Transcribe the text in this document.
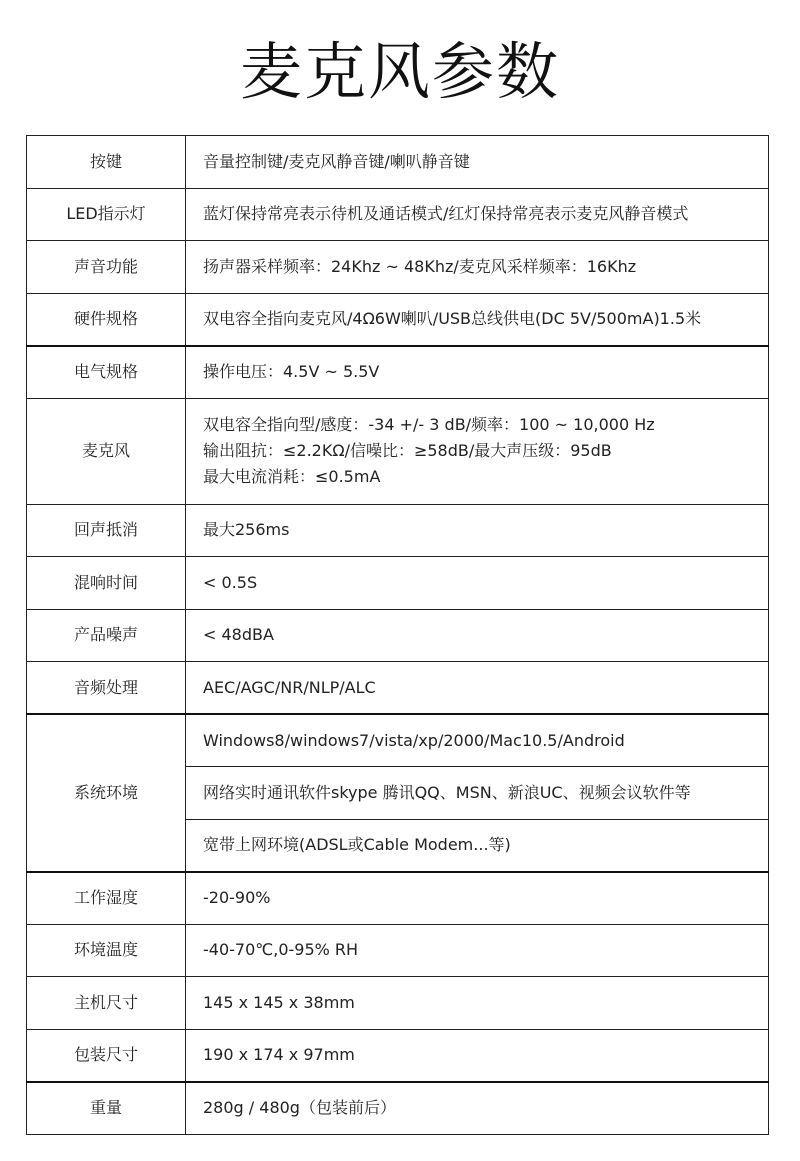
麦克风参数
按键	音量控制键/麦克风静音键/喇叭静音键
LED指示灯	蓝灯保持常亮表示待机及通话模式/红灯保持常亮表示麦克风静音模式
声音功能	扬声器采样频率：24Khz ~ 48Khz/麦克风采样频率：16Khz
硬件规格	双电容全指向麦克风/4Ω6W喇叭/USB总线供电(DC 5V/500mA)1.5米
电气规格	操作电压：4.5V ~ 5.5V
麦克风	双电容全指向型/感度：-34 +/- 3 dB/频率：100 ~ 10,000 Hz
输出阻抗：≤2.2KΩ/信噪比：≥58dB/最大声压级：95dB
最大电流消耗：≤0.5mA

回声抵消	最大256ms
混响时间	< 0.5S
产品噪声	< 48dBA
音频处理	AEC/AGC/NR/NLP/ALC
系统环境	Windows8/windows7/vista/xp/2000/Mac10.5/Android
	网络实时通讯软件skype 腾讯QQ、MSN、新浪UC、视频会议软件等
	宽带上网环境(ADSL或Cable Modem...等)
工作湿度	-20-90%
环境温度	-40-70℃,0-95% RH
主机尺寸	145 x 145 x 38mm
包装尺寸	190 x 174 x 97mm
重量	280g / 480g（包装前后）
